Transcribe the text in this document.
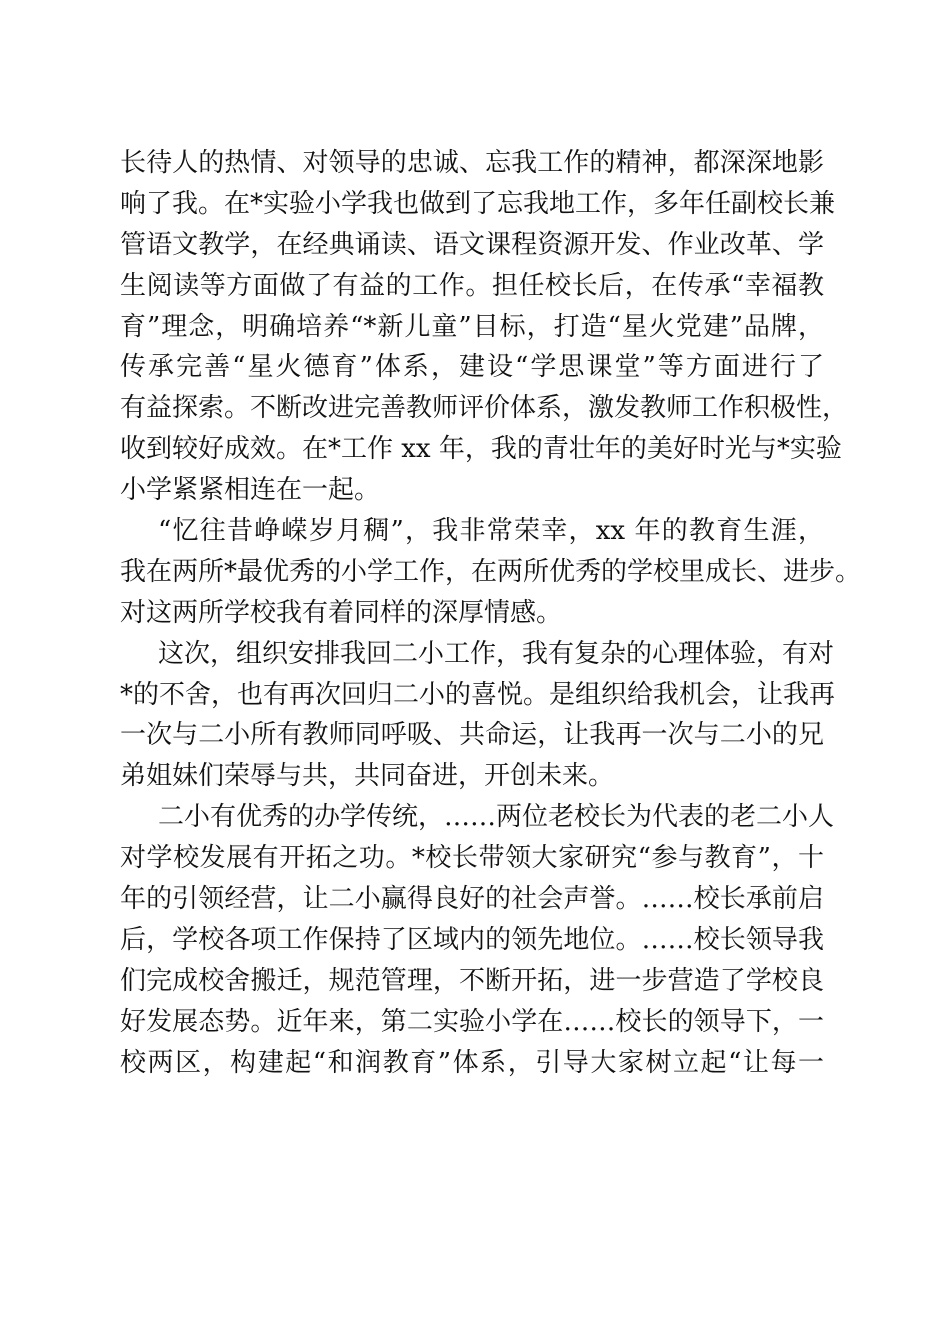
长待人的热情、对领导的忠诚、忘我工作的精神，都深深地影
响了我。在*实验小学我也做到了忘我地工作，多年任副校长兼
管语文教学，在经典诵读、语文课程资源开发、作业改革、学
生阅读等方面做了有益的工作。担任校长后，在传承“幸福教
育”理念，明确培养“*新儿童”目标，打造“星火党建”品牌，
传承完善“星火德育”体系，建设“学思课堂”等方面进行了
有益探索。不断改进完善教师评价体系，激发教师工作积极性，
收到较好成效。在*工作 xx 年，我的青壮年的美好时光与*实验
小学紧紧相连在一起。
“忆往昔峥嵘岁月稠”，我非常荣幸，xx 年的教育生涯，
我在两所*最优秀的小学工作，在两所优秀的学校里成长、进步。
对这两所学校我有着同样的深厚情感。
这次，组织安排我回二小工作，我有复杂的心理体验，有对
*的不舍，也有再次回归二小的喜悦。是组织给我机会，让我再
一次与二小所有教师同呼吸、共命运，让我再一次与二小的兄
弟姐妹们荣辱与共，共同奋进，开创未来。
二小有优秀的办学传统，……两位老校长为代表的老二小人
对学校发展有开拓之功。*校长带领大家研究“参与教育”，十
年的引领经营，让二小赢得良好的社会声誉。……校长承前启
后，学校各项工作保持了区域内的领先地位。……校长领导我
们完成校舍搬迁，规范管理，不断开拓，进一步营造了学校良
好发展态势。近年来，第二实验小学在……校长的领导下，一
校两区，构建起“和润教育”体系，引导大家树立起“让每一
